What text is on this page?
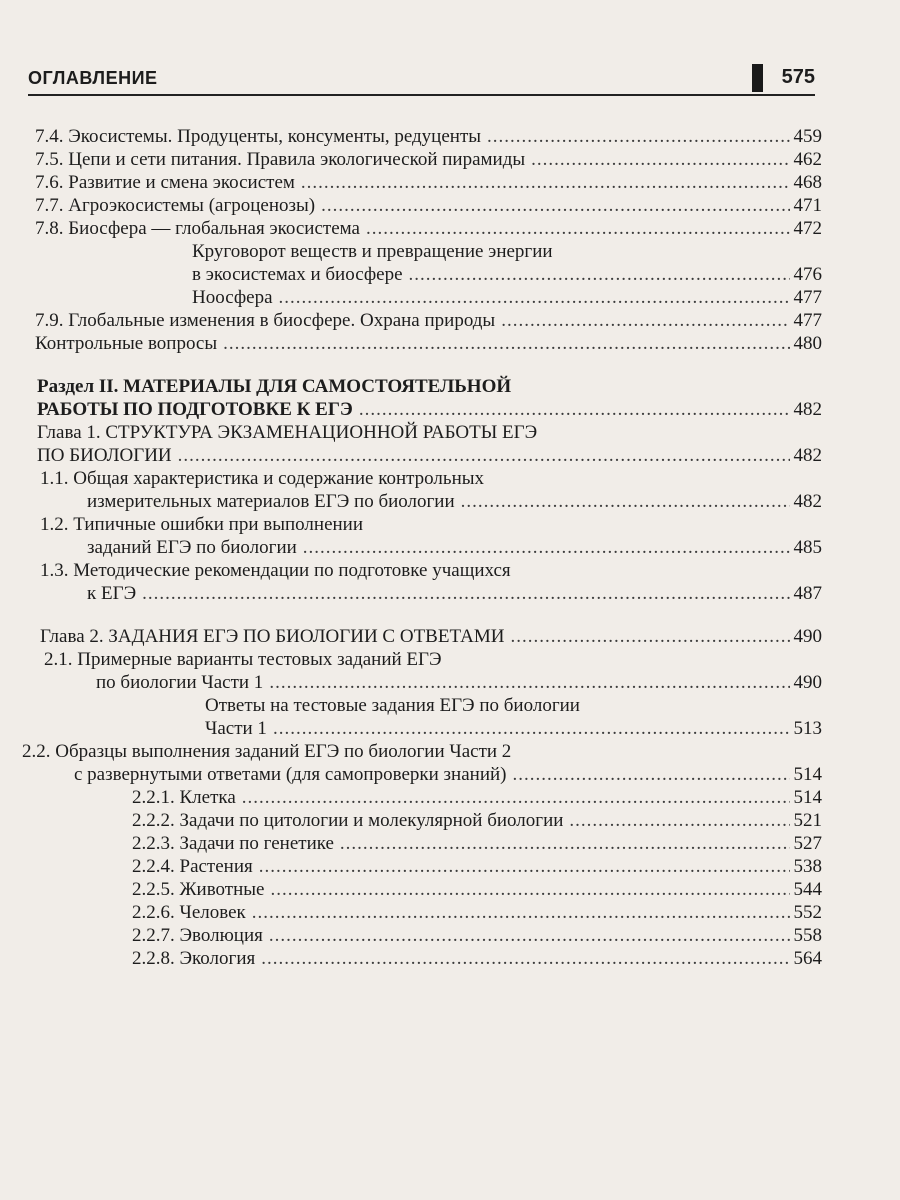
ОГЛАВЛЕНИЕ	575
7.4. Экосистемы. Продуценты, консументы, редуценты .....	459
7.5. Цепи и сети питания. Правила экологической пирамиды .....	462
7.6. Развитие и смена экосистем .....	468
7.7. Агроэкосистемы (агроценозы) .....	471
7.8. Биосфера — глобальная экосистема .....	472
Круговорот веществ и превращение энергии
в экосистемах и биосфере .....	476
Ноосфера .....	477
7.9. Глобальные изменения в биосфере. Охрана природы .....	477
Контрольные вопросы .....	480
Раздел II. МАТЕРИАЛЫ ДЛЯ САМОСТОЯТЕЛЬНОЙ
РАБОТЫ ПО ПОДГОТОВКЕ К ЕГЭ .....	482
Глава 1. СТРУКТУРА ЭКЗАМЕНАЦИОННОЙ РАБОТЫ ЕГЭ
ПО БИОЛОГИИ .....	482
1.1. Общая характеристика и содержание контрольных
измерительных материалов ЕГЭ по биологии .....	482
1.2. Типичные ошибки при выполнении
заданий ЕГЭ по биологии .....	485
1.3. Методические рекомендации по подготовке учащихся
к ЕГЭ .....	487
Глава 2. ЗАДАНИЯ ЕГЭ ПО БИОЛОГИИ С ОТВЕТАМИ .....	490
2.1. Примерные варианты тестовых заданий ЕГЭ
по биологии Части 1 .....	490
Ответы на тестовые задания ЕГЭ по биологии
Части 1 .....	513
2.2. Образцы выполнения заданий ЕГЭ по биологии Части 2
с развернутыми ответами (для самопроверки знаний) .....	514
2.2.1. Клетка .....	514
2.2.2. Задачи по цитологии и молекулярной биологии .....	521
2.2.3. Задачи по генетике .....	527
2.2.4. Растения .....	538
2.2.5. Животные .....	544
2.2.6. Человек .....	552
2.2.7. Эволюция .....	558
2.2.8. Экология .....	564
